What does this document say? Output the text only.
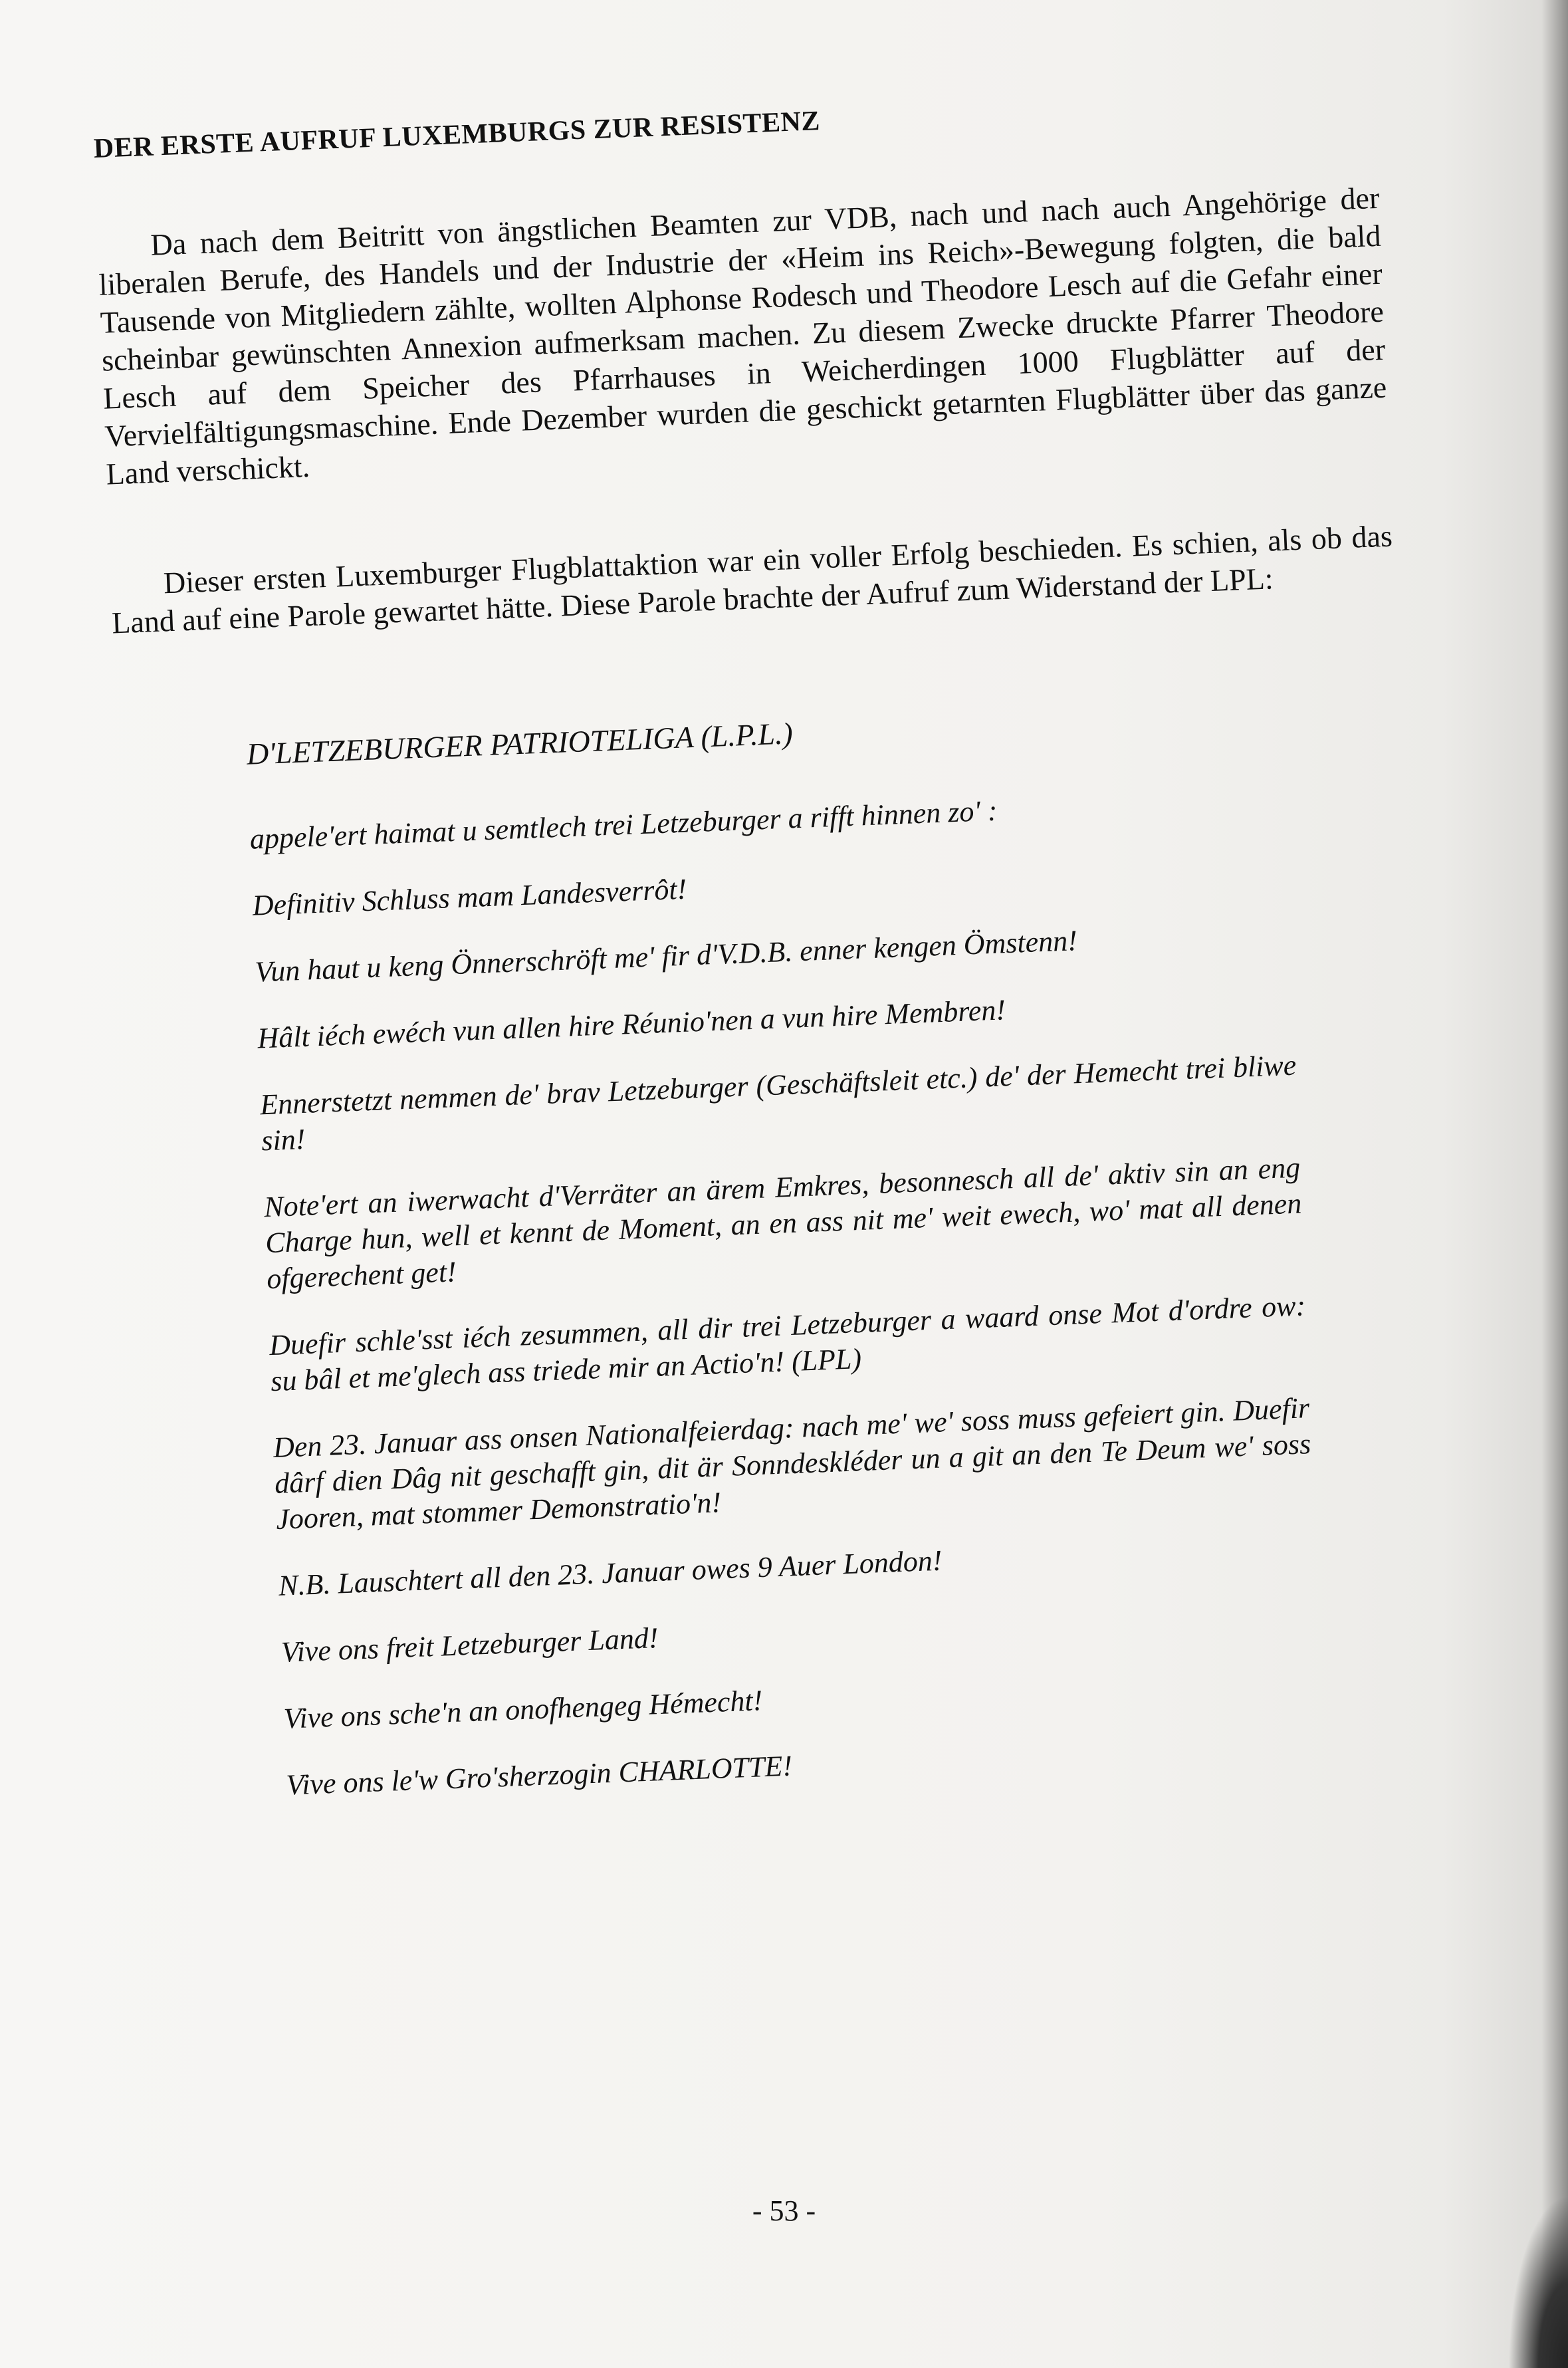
DER ERSTE AUFRUF LUXEMBURGS ZUR RESISTENZ
Da nach dem Beitritt von ängstlichen Beamten zur VDB, nach und nach auch Angehörige der liberalen Berufe, des Handels und der Industrie der «Heim ins Reich»-Bewegung folgten, die bald Tausende von Mitgliedern zählte, wollten Alphonse Rodesch und Theodore Lesch auf die Gefahr einer scheinbar gewünschten Annexion aufmerksam machen. Zu diesem Zwecke druckte Pfarrer Theodore Lesch auf dem Speicher des Pfarrhauses in Weicherdingen 1000 Flugblätter auf der Vervielfältigungsmaschine. Ende Dezember wurden die geschickt getarnten Flugblätter über das ganze Land verschickt.
Dieser ersten Luxemburger Flugblattaktion war ein voller Erfolg beschieden. Es schien, als ob das Land auf eine Parole gewartet hätte. Diese Parole brachte der Aufruf zum Widerstand der LPL:
D'LETZEBURGER PATRIOTELIGA (L.P.L.)
appele'ert haimat u semtlech trei Letzeburger a rifft hinnen zo' :
Definitiv Schluss mam Landesverrôt!
Vun haut u keng Önnerschröft me' fir d'V.D.B. enner kengen Ömstenn!
Hâlt iéch ewéch vun allen hire Réunio'nen a vun hire Membren!
Ennerstetzt nemmen de' brav Letzeburger (Geschäftsleit etc.) de' der Hemecht trei bliwe sin!
Note'ert an iwerwacht d'Verräter an ärem Emkres, besonnesch all de' aktiv sin an eng Charge hun, well et kennt de Moment, an en ass nit me' weit ewech, wo' mat all denen ofgerechent get!
Duefir schle'sst iéch zesummen, all dir trei Letzeburger a waard onse Mot d'ordre ow: su bâl et me'glech ass triede mir an Actio'n! (LPL)
Den 23. Januar ass onsen Nationalfeierdag: nach me' we' soss muss gefeiert gin. Duefir dârf dien Dâg nit geschafft gin, dit är Sonndeskléder un a git an den Te Deum we' soss Jooren, mat stommer Demonstratio'n!
N.B. Lauschtert all den 23. Januar owes 9 Auer London!
Vive ons freit Letzeburger Land!
Vive ons sche'n an onofhengeg Hémecht!
Vive ons le'w Gro'sherzogin CHARLOTTE!
- 53 -
